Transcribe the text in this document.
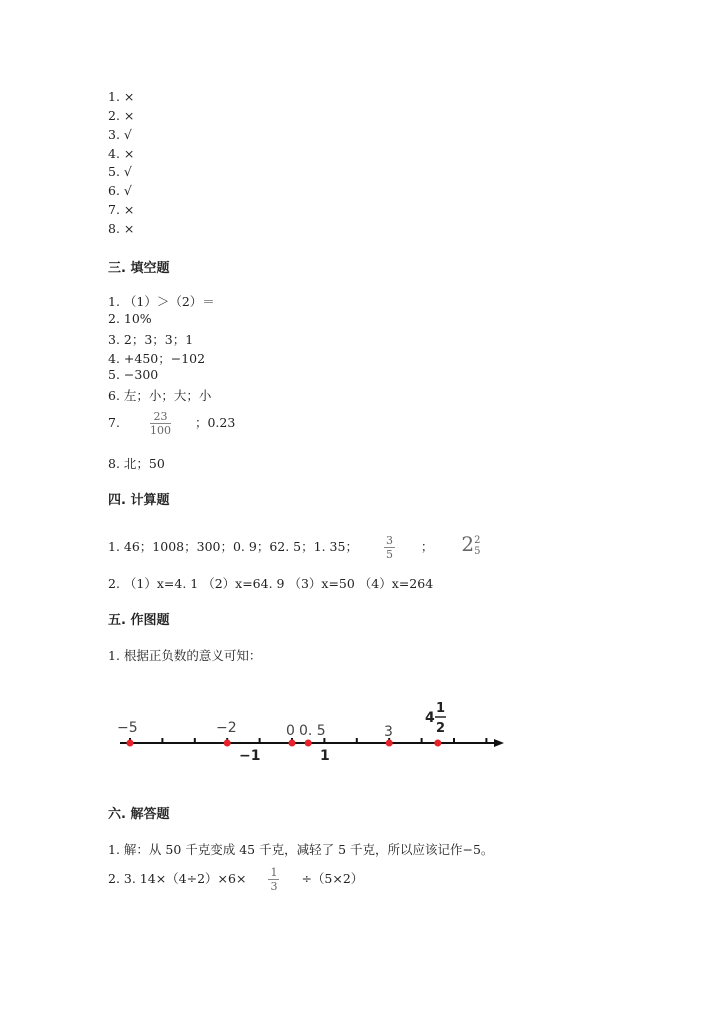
1. ×
2. ×
3. √
4. ×
5. √
6. √
7. ×
8. ×
三. 填空题
1. （1）＞（2）＝
2. 10%
3. 2；3；3；1
4. +450；−102
5. −300
6. 左；小；大；小
7.	$\frac{23}{100}$ ；0.23
8. 北；50
四. 计算题
1. 46；1008；300；0. 9；62. 5；1. 35； $\frac{3}{5}$ ； 2 2
5
2. （1）x=4. 1 （2）x=64. 9 （3）x=50 （4）x=264
五. 作图题
1. 根据正负数的意义可知：
−5	−2	0 0. 5	3
−1	1
4
1
2
六. 解答题
1. 解：从 50 千克变成 45 千克，减轻了 5 千克，所以应该记作−5。
2. 3. $14\times(4\div 2)\times 6\times \frac{1}{3} \div(5\times 2)$
